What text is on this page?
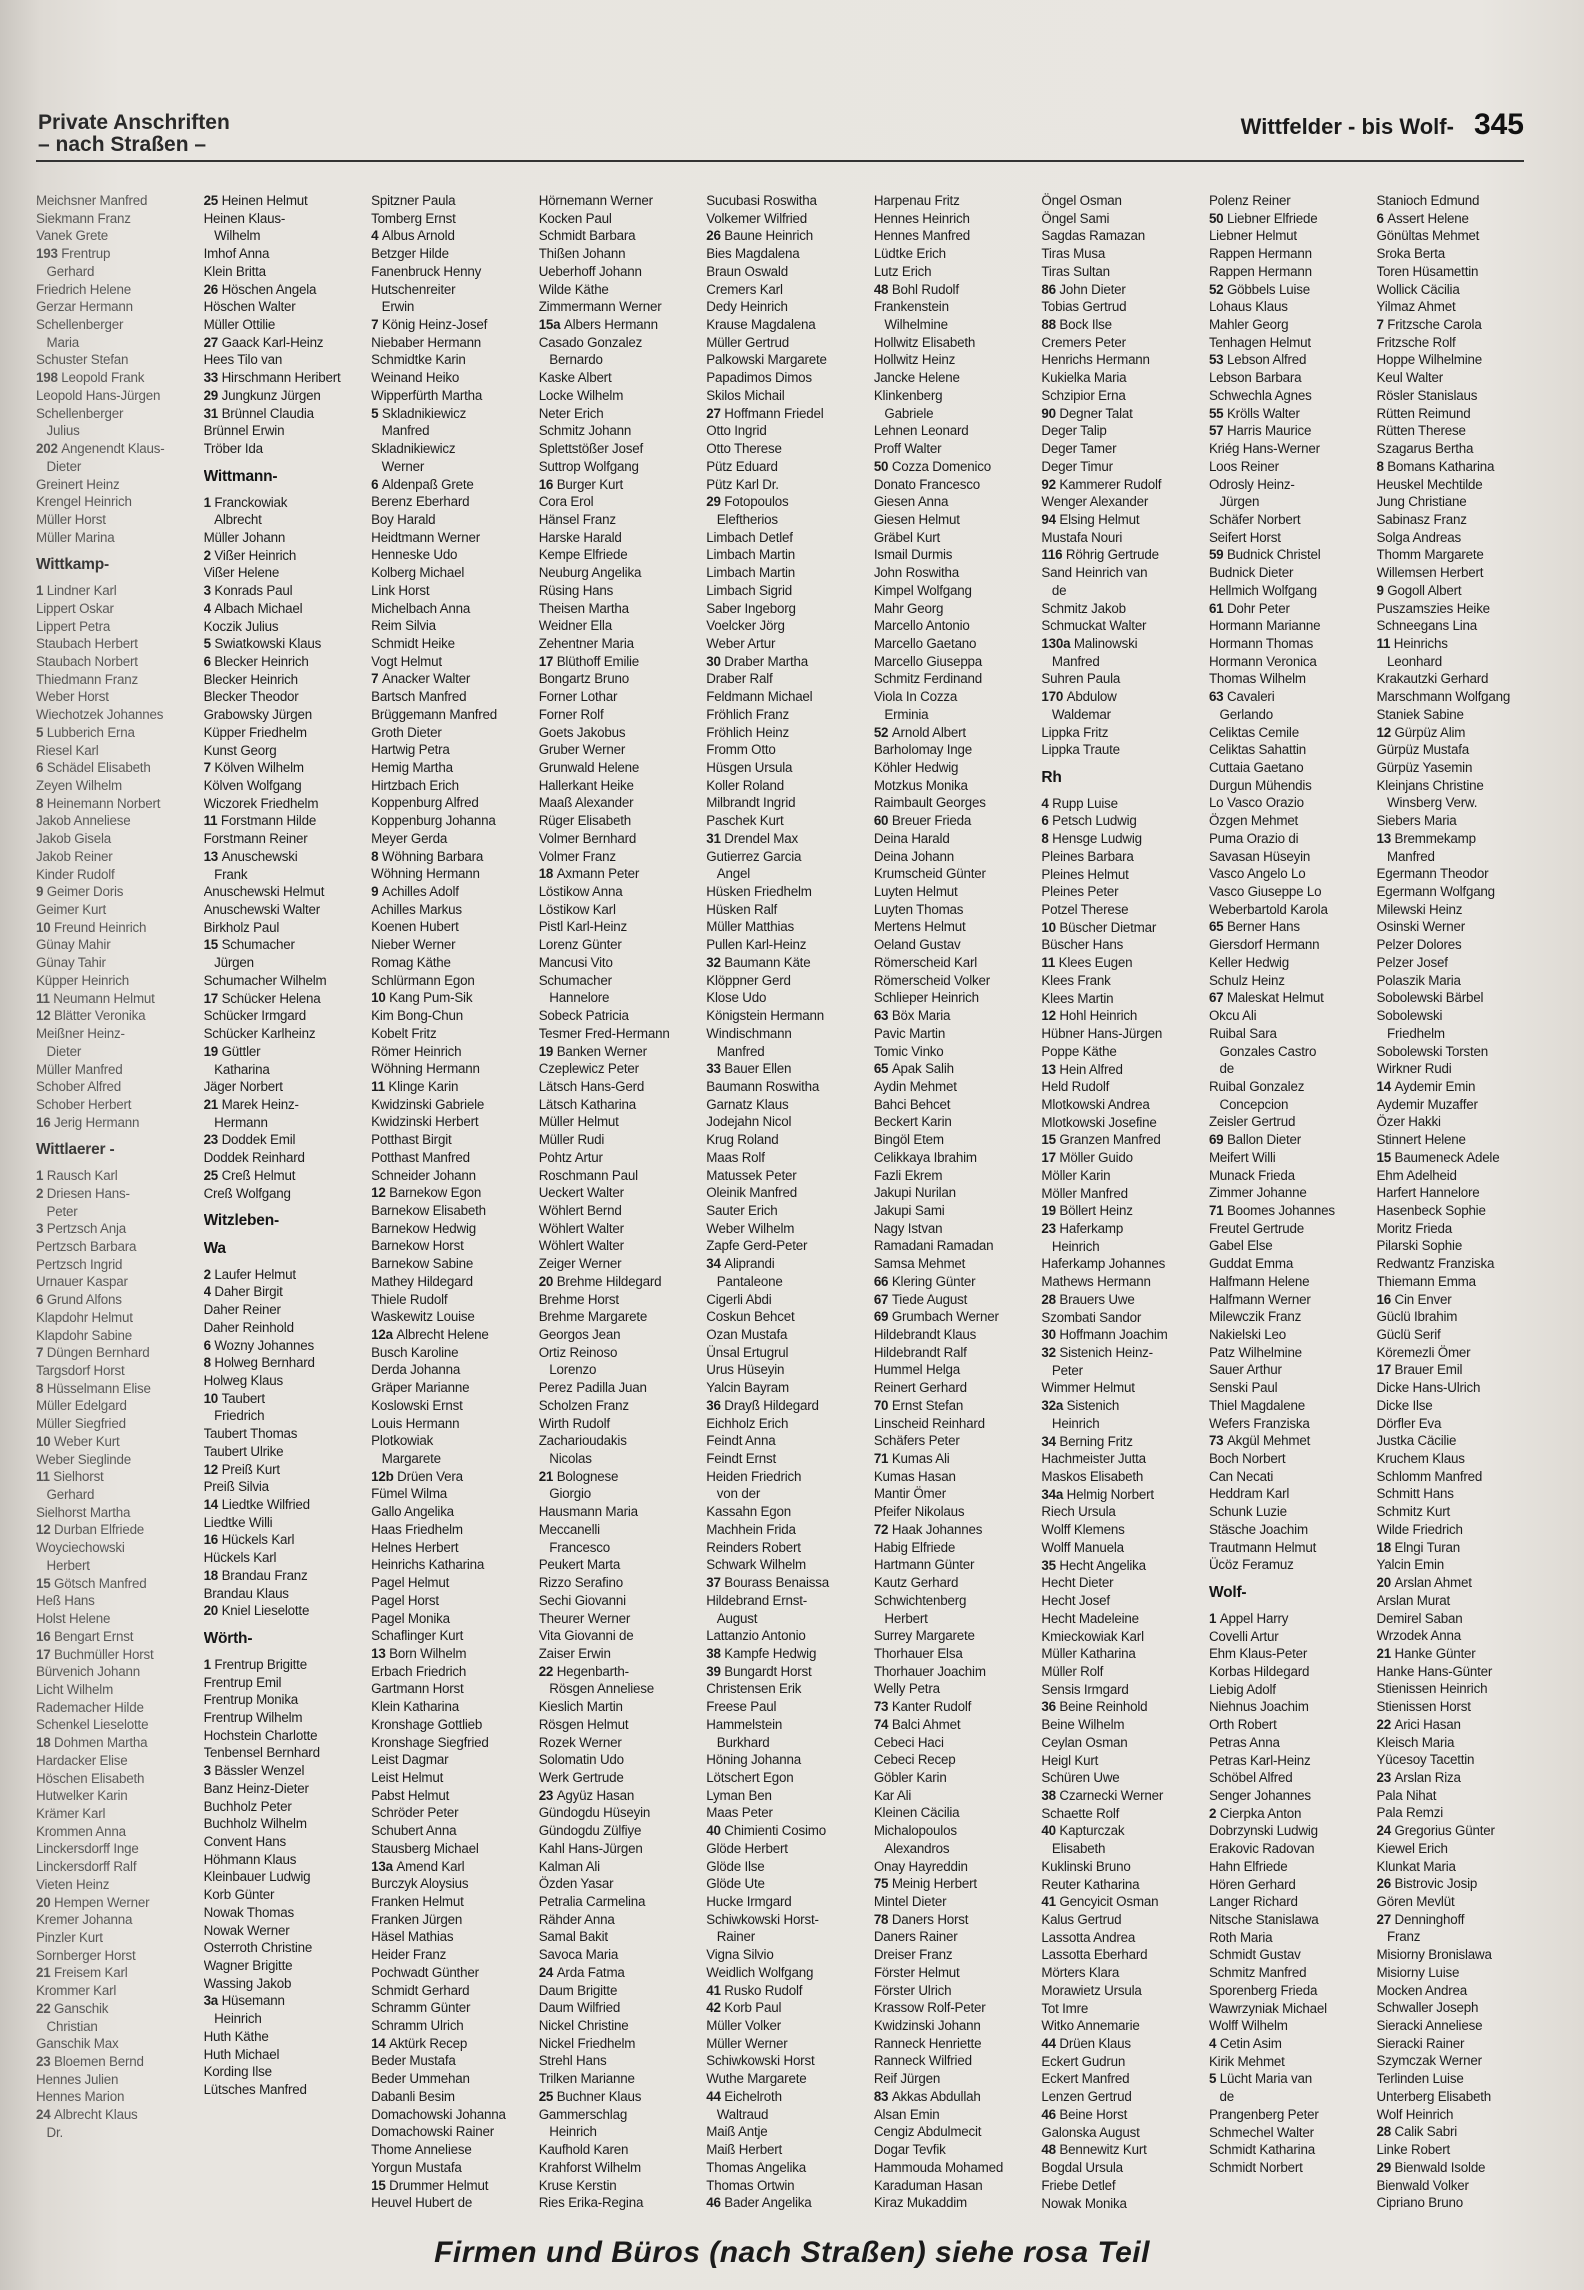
Private Anschriften
– nach Straßen –
Wittfelder - bis Wolf- 345
Meichsner Manfred
Siekmann Franz
Vanek Grete
193 Frentrup
Gerhard
Friedrich Helene
Gerzar Hermann
Schellenberger
Maria
Schuster Stefan
198 Leopold Frank
Leopold Hans-Jürgen
Schellenberger
Julius
202 Angenendt Klaus-
Dieter
Greinert Heinz
Krengel Heinrich
Müller Horst
Müller Marina
Wittkamp-
1 Lindner Karl
Lippert Oskar
Lippert Petra
Staubach Herbert
Staubach Norbert
Thiedmann Franz
Weber Horst
Wiechotzek Johannes
5 Lubberich Erna
Riesel Karl
6 Schädel Elisabeth
Zeyen Wilhelm
8 Heinemann Norbert
Jakob Anneliese
Jakob Gisela
Jakob Reiner
Kinder Rudolf
9 Geimer Doris
Geimer Kurt
10 Freund Heinrich
Günay Mahir
Günay Tahir
Küpper Heinrich
11 Neumann Helmut
12 Blätter Veronika
Meißner Heinz-
Dieter
Müller Manfred
Schober Alfred
Schober Herbert
16 Jerig Hermann
Wittlaerer -
1 Rausch Karl
2 Driesen Hans-
Peter
3 Pertzsch Anja
Pertzsch Barbara
Pertzsch Ingrid
Urnauer Kaspar
6 Grund Alfons
Klapdohr Helmut
Klapdohr Sabine
7 Düngen Bernhard
Targsdorf Horst
8 Hüsselmann Elise
Müller Edelgard
Müller Siegfried
10 Weber Kurt
Weber Sieglinde
11 Sielhorst
Gerhard
Sielhorst Martha
12 Durban Elfriede
Woyciechowski
Herbert
15 Götsch Manfred
Heß Hans
Holst Helene
16 Bengart Ernst
17 Buchmüller Horst
Bürvenich Johann
Licht Wilhelm
Rademacher Hilde
Schenkel Lieselotte
18 Dohmen Martha
Hardacker Elise
Höschen Elisabeth
Hutwelker Karin
Krämer Karl
Krommen Anna
Linckersdorff Inge
Linckersdorff Ralf
Vieten Heinz
20 Hempen Werner
Kremer Johanna
Pinzler Kurt
Sornberger Horst
21 Freisem Karl
Krommer Karl
22 Ganschik
Christian
Ganschik Max
23 Bloemen Bernd
Hennes Julien
Hennes Marion
24 Albrecht Klaus
Dr.
25 Heinen Helmut
Heinen Klaus-
Wilhelm
Imhof Anna
Klein Britta
26 Höschen Angela
Höschen Walter
Müller Ottilie
27 Gaack Karl-Heinz
Hees Tilo van
33 Hirschmann Heribert
29 Jungkunz Jürgen
31 Brünnel Claudia
Brünnel Erwin
Tröber Ida
Wittmann-
1 Franckowiak
Albrecht
Müller Johann
2 Vißer Heinrich
Vißer Helene
3 Konrads Paul
4 Albach Michael
Koczik Julius
5 Swiatkowski Klaus
6 Blecker Heinrich
Blecker Heinrich
Blecker Theodor
Grabowsky Jürgen
Küpper Friedhelm
Kunst Georg
7 Kölven Wilhelm
Kölven Wolfgang
Wiczorek Friedhelm
11 Forstmann Hilde
Forstmann Reiner
13 Anuschewski
Frank
Anuschewski Helmut
Anuschewski Walter
Birkholz Paul
15 Schumacher
Jürgen
Schumacher Wilhelm
17 Schücker Helena
Schücker Irmgard
Schücker Karlheinz
19 Güttler
Katharina
Jäger Norbert
21 Marek Heinz-
Hermann
23 Doddek Emil
Doddek Reinhard
25 Creß Helmut
Creß Wolfgang
Witzleben-
Wa
2 Laufer Helmut
4 Daher Birgit
Daher Reiner
Daher Reinhold
6 Wozny Johannes
8 Holweg Bernhard
Holweg Klaus
10 Taubert
Friedrich
Taubert Thomas
Taubert Ulrike
12 Preiß Kurt
Preiß Silvia
14 Liedtke Wilfried
Liedtke Willi
16 Hückels Karl
Hückels Karl
18 Brandau Franz
Brandau Klaus
20 Kniel Lieselotte
Wörth-
1 Frentrup Brigitte
Frentrup Emil
Frentrup Monika
Frentrup Wilhelm
Hochstein Charlotte
Tenbensel Bernhard
3 Bässler Wenzel
Banz Heinz-Dieter
Buchholz Peter
Buchholz Wilhelm
Convent Hans
Höhmann Klaus
Kleinbauer Ludwig
Korb Günter
Nowak Thomas
Nowak Werner
Osterroth Christine
Wagner Brigitte
Wassing Jakob
3a Hüsemann
Heinrich
Huth Käthe
Huth Michael
Kording Ilse
Lütsches Manfred
Spitzner Paula
Tomberg Ernst
4 Albus Arnold
Betzger Hilde
Fanenbruck Henny
Hutschenreiter
Erwin
7 König Heinz-Josef
Niebaber Hermann
Schmidtke Karin
Weinand Heiko
Wipperfürth Martha
5 Skladnikiewicz
Manfred
Skladnikiewicz
Werner
6 Aldenpaß Grete
Berenz Eberhard
Boy Harald
Heidtmann Werner
Henneske Udo
Kolberg Michael
Link Horst
Michelbach Anna
Reim Silvia
Schmidt Heike
Vogt Helmut
7 Anacker Walter
Bartsch Manfred
Brüggemann Manfred
Groth Dieter
Hartwig Petra
Hemig Martha
Hirtzbach Erich
Koppenburg Alfred
Koppenburg Johanna
Meyer Gerda
8 Wöhning Barbara
Wöhning Hermann
9 Achilles Adolf
Achilles Markus
Koenen Hubert
Nieber Werner
Romag Käthe
Schlürmann Egon
10 Kang Pum-Sik
Kim Bong-Chun
Kobelt Fritz
Römer Heinrich
Wöhning Hermann
11 Klinge Karin
Kwidzinski Gabriele
Kwidzinski Herbert
Potthast Birgit
Potthast Manfred
Schneider Johann
12 Barnekow Egon
Barnekow Elisabeth
Barnekow Hedwig
Barnekow Horst
Barnekow Sabine
Mathey Hildegard
Thiele Rudolf
Waskewitz Louise
12a Albrecht Helene
Busch Karoline
Derda Johanna
Gräper Marianne
Koslowski Ernst
Louis Hermann
Plotkowiak
Margarete
12b Drüen Vera
Fümel Wilma
Gallo Angelika
Haas Friedhelm
Helnes Herbert
Heinrichs Katharina
Pagel Helmut
Pagel Horst
Pagel Monika
Schaflinger Kurt
13 Born Wilhelm
Erbach Friedrich
Gartmann Horst
Klein Katharina
Kronshage Gottlieb
Kronshage Siegfried
Leist Dagmar
Leist Helmut
Pabst Helmut
Schröder Peter
Schubert Anna
Stausberg Michael
13a Amend Karl
Burczyk Aloysius
Franken Helmut
Franken Jürgen
Häsel Mathias
Heider Franz
Pochwadt Günther
Schmidt Gerhard
Schramm Günter
Schramm Ulrich
14 Aktürk Recep
Beder Mustafa
Beder Ummehan
Dabanli Besim
Domachowski Johanna
Domachowski Rainer
Thome Anneliese
Yorgun Mustafa
15 Drummer Helmut
Heuvel Hubert de
Hörnemann Werner
Kocken Paul
Schmidt Barbara
Thißen Johann
Ueberhoff Johann
Wilde Käthe
Zimmermann Werner
15a Albers Hermann
Casado Gonzalez
Bernardo
Kaske Albert
Locke Wilhelm
Neter Erich
Schmitz Johann
Splettstößer Josef
Suttrop Wolfgang
16 Burger Kurt
Cora Erol
Hänsel Franz
Harske Harald
Kempe Elfriede
Neuburg Angelika
Rüsing Hans
Theisen Martha
Weidner Ella
Zehentner Maria
17 Blüthoff Emilie
Bongartz Bruno
Forner Lothar
Forner Rolf
Goets Jakobus
Gruber Werner
Grunwald Helene
Hallerkant Heike
Maaß Alexander
Rüger Elisabeth
Volmer Bernhard
Volmer Franz
18 Axmann Peter
Löstikow Anna
Löstikow Karl
Pistl Karl-Heinz
Lorenz Günter
Mancusi Vito
Schumacher
Hannelore
Sobeck Patricia
Tesmer Fred-Hermann
19 Banken Werner
Czeplewicz Peter
Lätsch Hans-Gerd
Lätsch Katharina
Müller Helmut
Müller Rudi
Pohtz Artur
Roschmann Paul
Ueckert Walter
Wöhlert Bernd
Wöhlert Walter
Wöhlert Walter
Zeiger Werner
20 Brehme Hildegard
Brehme Horst
Brehme Margarete
Georgos Jean
Ortiz Reinoso
Lorenzo
Perez Padilla Juan
Scholzen Franz
Wirth Rudolf
Zacharioudakis
Nicolas
21 Bolognese
Giorgio
Hausmann Maria
Meccanelli
Francesco
Peukert Marta
Rizzo Serafino
Sechi Giovanni
Theurer Werner
Vita Giovanni de
Zaiser Erwin
22 Hegenbarth-
Rösgen Anneliese
Kieslich Martin
Rösgen Helmut
Rozek Werner
Solomatin Udo
Werk Gertrude
23 Agyüz Hasan
Gündogdu Hüseyin
Gündogdu Zülfiye
Kahl Hans-Jürgen
Kalman Ali
Özden Yasar
Petralia Carmelina
Rähder Anna
Samal Bakit
Savoca Maria
24 Arda Fatma
Daum Brigitte
Daum Wilfried
Nickel Christine
Nickel Friedhelm
Strehl Hans
Trilken Marianne
25 Buchner Klaus
Gammerschlag
Heinrich
Kaufhold Karen
Krahforst Wilhelm
Kruse Kerstin
Ries Erika-Regina
Sucubasi Roswitha
Volkemer Wilfried
26 Baune Heinrich
Bies Magdalena
Braun Oswald
Cremers Karl
Dedy Heinrich
Krause Magdalena
Müller Gertrud
Palkowski Margarete
Papadimos Dimos
Skilos Michail
27 Hoffmann Friedel
Otto Ingrid
Otto Therese
Pütz Eduard
Pütz Karl Dr.
29 Fotopoulos
Eleftherios
Limbach Detlef
Limbach Martin
Limbach Martin
Limbach Sigrid
Saber Ingeborg
Voelcker Jörg
Weber Artur
30 Draber Martha
Draber Ralf
Feldmann Michael
Fröhlich Franz
Fröhlich Heinz
Fromm Otto
Hüsgen Ursula
Koller Roland
Milbrandt Ingrid
Paschek Kurt
31 Drendel Max
Gutierrez Garcia
Angel
Hüsken Friedhelm
Hüsken Ralf
Müller Matthias
Pullen Karl-Heinz
32 Baumann Käte
Klöppner Gerd
Klose Udo
Königstein Hermann
Windischmann
Manfred
33 Bauer Ellen
Baumann Roswitha
Garnatz Klaus
Jodejahn Nicol
Krug Roland
Maas Rolf
Matussek Peter
Oleinik Manfred
Sauter Erich
Weber Wilhelm
Zapfe Gerd-Peter
34 Aliprandi
Pantaleone
Cigerli Abdi
Coskun Behcet
Ozan Mustafa
Ünsal Ertugrul
Urus Hüseyin
Yalcin Bayram
36 Drayß Hildegard
Eichholz Erich
Feindt Anna
Feindt Ernst
Heiden Friedrich
von der
Kassahn Egon
Machhein Frida
Reinders Robert
Schwark Wilhelm
37 Bourass Benaissa
Hildebrand Ernst-
August
Lattanzio Antonio
38 Kampfe Hedwig
39 Bungardt Horst
Christensen Erik
Freese Paul
Hammelstein
Burkhard
Höning Johanna
Lötschert Egon
Lyman Ben
Maas Peter
40 Chimienti Cosimo
Glöde Herbert
Glöde Ilse
Glöde Ute
Hucke Irmgard
Schiwkowski Horst-
Rainer
Vigna Silvio
Weidlich Wolfgang
41 Rusko Rudolf
42 Korb Paul
Müller Volker
Müller Werner
Schiwkowski Horst
Wuthe Margarete
44 Eichelroth
Waltraud
Maiß Antje
Maiß Herbert
Thomas Angelika
Thomas Ortwin
46 Bader Angelika
Harpenau Fritz
Hennes Heinrich
Hennes Manfred
Lüdtke Erich
Lutz Erich
48 Bohl Rudolf
Frankenstein
Wilhelmine
Hollwitz Elisabeth
Hollwitz Heinz
Jancke Helene
Klinkenberg
Gabriele
Lehnen Leonard
Proff Walter
50 Cozza Domenico
Donato Francesco
Giesen Anna
Giesen Helmut
Gräbel Kurt
Ismail Durmis
John Roswitha
Kimpel Wolfgang
Mahr Georg
Marcello Antonio
Marcello Gaetano
Marcello Giuseppa
Schmitz Ferdinand
Viola In Cozza
Erminia
52 Arnold Albert
Barholomay Inge
Köhler Hedwig
Motzkus Monika
Raimbault Georges
60 Breuer Frieda
Deina Harald
Deina Johann
Krumscheid Günter
Luyten Helmut
Luyten Thomas
Mertens Helmut
Oeland Gustav
Römerscheid Karl
Römerscheid Volker
Schlieper Heinrich
63 Böx Maria
Pavic Martin
Tomic Vinko
65 Apak Salih
Aydin Mehmet
Bahci Behcet
Beckert Karin
Bingöl Etem
Celikkaya Ibrahim
Fazli Ekrem
Jakupi Nurilan
Jakupi Sami
Nagy Istvan
Ramadani Ramadan
Samsa Mehmet
66 Klering Günter
67 Tiede August
69 Grumbach Werner
Hildebrandt Klaus
Hildebrandt Ralf
Hummel Helga
Reinert Gerhard
70 Ernst Stefan
Linscheid Reinhard
Schäfers Peter
71 Kumas Ali
Kumas Hasan
Mantir Ömer
Pfeifer Nikolaus
72 Haak Johannes
Habig Elfriede
Hartmann Günter
Kautz Gerhard
Schwichtenberg
Herbert
Surrey Margarete
Thorhauer Elsa
Thorhauer Joachim
Welly Petra
73 Kanter Rudolf
74 Balci Ahmet
Cebeci Haci
Cebeci Recep
Göbler Karin
Kar Ali
Kleinen Cäcilia
Michalopoulos
Alexandros
Onay Hayreddin
75 Meinig Herbert
Mintel Dieter
78 Daners Horst
Daners Rainer
Dreiser Franz
Förster Helmut
Förster Ulrich
Krassow Rolf-Peter
Kwidzinski Johann
Ranneck Henriette
Ranneck Wilfried
Reif Jürgen
83 Akkas Abdullah
Alsan Emin
Cengiz Abdulmecit
Dogar Tevfik
Hammouda Mohamed
Karaduman Hasan
Kiraz Mukaddim
Öngel Osman
Öngel Sami
Sagdas Ramazan
Tiras Musa
Tiras Sultan
86 John Dieter
Tobias Gertrud
88 Bock Ilse
Cremers Peter
Henrichs Hermann
Kukielka Maria
Schzipior Erna
90 Degner Talat
Deger Talip
Deger Tamer
Deger Timur
92 Kammerer Rudolf
Wenger Alexander
94 Elsing Helmut
Mustafa Nouri
116 Röhrig Gertrude
Sand Heinrich van
de
Schmitz Jakob
Schmuckat Walter
130a Malinowski
Manfred
Suhren Paula
170 Abdulow
Waldemar
Lippka Fritz
Lippka Traute
Rh
4 Rupp Luise
6 Petsch Ludwig
8 Hensge Ludwig
Pleines Barbara
Pleines Helmut
Pleines Peter
Potzel Therese
10 Büscher Dietmar
Büscher Hans
11 Klees Eugen
Klees Frank
Klees Martin
12 Hohl Heinrich
Hübner Hans-Jürgen
Poppe Käthe
13 Hein Alfred
Held Rudolf
Mlotkowski Andrea
Mlotkowski Josefine
15 Granzen Manfred
17 Möller Guido
Möller Karin
Möller Manfred
19 Böllert Heinz
23 Haferkamp
Heinrich
Haferkamp Johannes
Mathews Hermann
28 Brauers Uwe
Szombati Sandor
30 Hoffmann Joachim
32 Sistenich Heinz-
Peter
Wimmer Helmut
32a Sistenich
Heinrich
34 Berning Fritz
Hachmeister Jutta
Maskos Elisabeth
34a Helmig Norbert
Riech Ursula
Wolff Klemens
Wolff Manuela
35 Hecht Angelika
Hecht Dieter
Hecht Josef
Hecht Madeleine
Kmieckowiak Karl
Müller Katharina
Müller Rolf
Sensis Irmgard
36 Beine Reinhold
Beine Wilhelm
Ceylan Osman
Heigl Kurt
Schüren Uwe
38 Czarnecki Werner
Schaette Rolf
40 Kapturczak
Elisabeth
Kuklinski Bruno
Reuter Katharina
41 Gencyicit Osman
Kalus Gertrud
Lassotta Andrea
Lassotta Eberhard
Mörters Klara
Morawietz Ursula
Tot Imre
Witko Annemarie
44 Drüen Klaus
Eckert Gudrun
Eckert Manfred
Lenzen Gertrud
46 Beine Horst
Galonska August
48 Bennewitz Kurt
Bogdal Ursula
Friebe Detlef
Nowak Monika
Polenz Reiner
50 Liebner Elfriede
Liebner Helmut
Rappen Hermann
Rappen Hermann
52 Göbbels Luise
Lohaus Klaus
Mahler Georg
Tenhagen Helmut
53 Lebson Alfred
Lebson Barbara
Schwechla Agnes
55 Krölls Walter
57 Harris Maurice
Kriég Hans-Werner
Loos Reiner
Odrosly Heinz-
Jürgen
Schäfer Norbert
Seifert Horst
59 Budnick Christel
Budnick Dieter
Hellmich Wolfgang
61 Dohr Peter
Hormann Marianne
Hormann Thomas
Hormann Veronica
Thomas Wilhelm
63 Cavaleri
Gerlando
Celiktas Cemile
Celiktas Sahattin
Cuttaia Gaetano
Durgun Mühendis
Lo Vasco Orazio
Özgen Mehmet
Puma Orazio di
Savasan Hüseyin
Vasco Angelo Lo
Vasco Giuseppe Lo
Weberbartold Karola
65 Berner Hans
Giersdorf Hermann
Keller Hedwig
Schulz Heinz
67 Maleskat Helmut
Okcu Ali
Ruibal Sara
Gonzales Castro
de
Ruibal Gonzalez
Concepcion
Zeisler Gertrud
69 Ballon Dieter
Meifert Willi
Munack Frieda
Zimmer Johanne
71 Boomes Johannes
Freutel Gertrude
Gabel Else
Guddat Emma
Halfmann Helene
Halfmann Werner
Milewczik Franz
Nakielski Leo
Patz Wilhelmine
Sauer Arthur
Senski Paul
Thiel Magdalene
Wefers Franziska
73 Akgül Mehmet
Boch Norbert
Can Necati
Heddram Karl
Schunk Luzie
Stäsche Joachim
Trautmann Helmut
Ücöz Feramuz
Wolf-
1 Appel Harry
Covelli Artur
Ehm Klaus-Peter
Korbas Hildegard
Liebig Adolf
Niehnus Joachim
Orth Robert
Petras Anna
Petras Karl-Heinz
Schöbel Alfred
Senger Johannes
2 Cierpka Anton
Dobrzynski Ludwig
Erakovic Radovan
Hahn Elfriede
Hören Gerhard
Langer Richard
Nitsche Stanislawa
Roth Maria
Schmidt Gustav
Schmitz Manfred
Sporenberg Frieda
Wawrzyniak Michael
Wolff Wilhelm
4 Cetin Asim
Kirik Mehmet
5 Lücht Maria van
de
Prangenberg Peter
Schmechel Walter
Schmidt Katharina
Schmidt Norbert
Stanioch Edmund
6 Assert Helene
Gönültas Mehmet
Sroka Berta
Toren Hüsamettin
Wollick Cäcilia
Yilmaz Ahmet
7 Fritzsche Carola
Fritzsche Rolf
Hoppe Wilhelmine
Keul Walter
Rösler Stanislaus
Rütten Reimund
Rütten Therese
Szagarus Bertha
8 Bomans Katharina
Heuskel Mechtilde
Jung Christiane
Sabinasz Franz
Solga Andreas
Thomm Margarete
Willemsen Herbert
9 Gogoll Albert
Puszamszies Heike
Schneegans Lina
11 Heinrichs
Leonhard
Krakautzki Gerhard
Marschmann Wolfgang
Staniek Sabine
12 Gürpüz Alim
Gürpüz Mustafa
Gürpüz Yasemin
Kleinjans Christine
Winsberg Verw.
Siebers Maria
13 Bremmekamp
Manfred
Egermann Theodor
Egermann Wolfgang
Milewski Heinz
Osinski Werner
Pelzer Dolores
Pelzer Josef
Polaszik Maria
Sobolewski Bärbel
Sobolewski
Friedhelm
Sobolewski Torsten
Wirkner Rudi
14 Aydemir Emin
Aydemir Muzaffer
Özer Hakki
Stinnert Helene
15 Baumeneck Adele
Ehm Adelheid
Harfert Hannelore
Hasenbeck Sophie
Moritz Frieda
Pilarski Sophie
Redwantz Franziska
Thiemann Emma
16 Cin Enver
Güclü Ibrahim
Güclü Serif
Köremezli Ömer
17 Brauer Emil
Dicke Hans-Ulrich
Dicke Ilse
Dörfler Eva
Justka Cäcilie
Kruchem Klaus
Schlomm Manfred
Schmitt Hans
Schmitz Kurt
Wilde Friedrich
18 Elngi Turan
Yalcin Emin
20 Arslan Ahmet
Arslan Murat
Demirel Saban
Wrzodek Anna
21 Hanke Günter
Hanke Hans-Günter
Stienissen Heinrich
Stienissen Horst
22 Arici Hasan
Kleisch Maria
Yücesoy Tacettin
23 Arslan Riza
Pala Nihat
Pala Remzi
24 Gregorius Günter
Kiewel Erich
Klunkat Maria
26 Bistrovic Josip
Gören Mevlüt
27 Denninghoff
Franz
Misiorny Bronislawa
Misiorny Luise
Mocken Andrea
Schwaller Joseph
Sieracki Anneliese
Sieracki Rainer
Szymczak Werner
Terlinden Luise
Unterberg Elisabeth
Wolf Heinrich
28 Calik Sabri
Linke Robert
29 Bienwald Isolde
Bienwald Volker
Cipriano Bruno
Firmen und Büros (nach Straßen) siehe rosa Teil
